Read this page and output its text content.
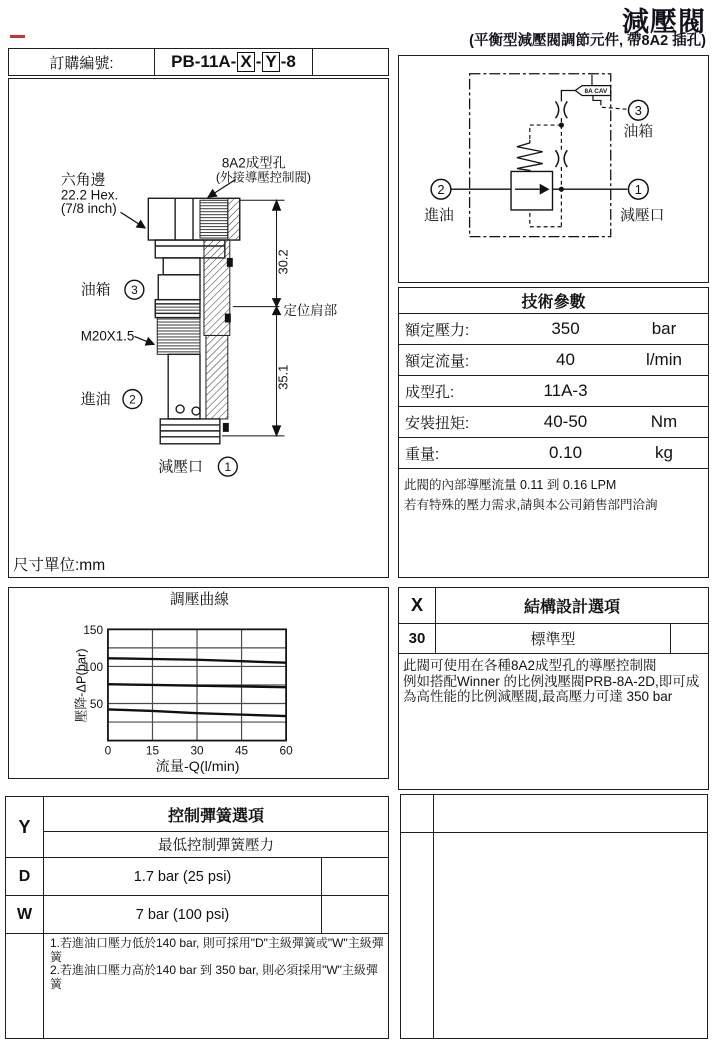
減壓閥
(平衡型減壓閥調節元件, 帶8A2 插孔)
訂購編號:	PB-11A- X - Y -8
30.2
35.1
定位肩部
六角邊
22.2 Hex.
(7/8 inch)
8A2成型孔
(外接導壓控制閥)
油箱 3
M20X1.5
進油 2
減壓口 1
尺寸單位:mm
8A CAV
3
油箱
2
進油
1
減壓口
技術參數
額定壓力:	350	bar
額定流量:	40	l/min
成型孔:	11A-3
安裝扭矩:	40-50	Nm
重量:	0.10	kg
此閥的內部導壓流量 0.11 到 0.16 LPM
若有特殊的壓力需求,請與本公司銷售部門洽詢
調壓曲線
0	15	30	45	60
50
100
150
流量-Q(l/min)
壓降-ΔP(bar)
X	結構設計選項
30	標準型
此閥可使用在各種8A2成型孔的導壓控制閥
例如搭配Winner 的比例洩壓閥PRB-8A-2D,即可成
為高性能的比例減壓閥,最高壓力可達 350 bar
Y
控制彈簧選項
最低控制彈簧壓力
D	1.7 bar (25 psi)
W	7 bar (100 psi)
1.若進油口壓力低於140 bar, 則可採用"D"主級彈簧或"W"主級彈簧
2.若進油口壓力高於140 bar 到 350 bar, 則必須採用"W"主級彈簧
